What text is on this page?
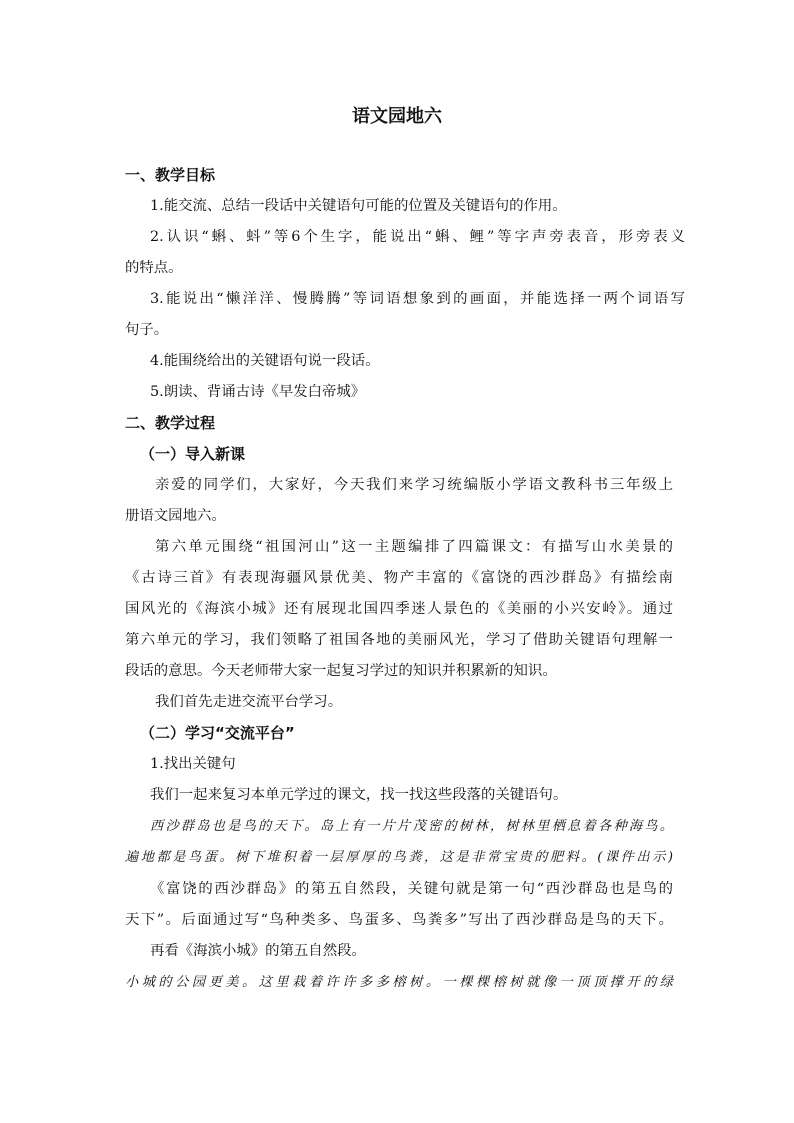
语文园地六
一、教学目标
1.能交流、总结一段话中关键语句可能的位置及关键语句的作用。
2.认识“蝌、蚪”等6个生字，能说出“蝌、鲤”等字声旁表音，形旁表义
的特点。
3.能说出“懒洋洋、慢腾腾”等词语想象到的画面，并能选择一两个词语写
句子。
4.能围绕给出的关键语句说一段话。
5.朗读、背诵古诗《早发白帝城》
二、教学过程
（一）导入新课
亲爱的同学们，大家好，今天我们来学习统编版小学语文教科书三年级上
册语文园地六。
第六单元围绕“祖国河山”这一主题编排了四篇课文：有描写山水美景的
《古诗三首》有表现海疆风景优美、物产丰富的《富饶的西沙群岛》有描绘南
国风光的《海滨小城》还有展现北国四季迷人景色的《美丽的小兴安岭》。通过
第六单元的学习，我们领略了祖国各地的美丽风光，学习了借助关键语句理解一
段话的意思。今天老师带大家一起复习学过的知识并积累新的知识。
我们首先走进交流平台学习。
（二）学习“交流平台”
1.找出关键句
我们一起来复习本单元学过的课文，找一找这些段落的关键语句。
西沙群岛也是鸟的天下。岛上有一片片茂密的树林，树林里栖息着各种海鸟。
遍地都是鸟蛋。树下堆积着一层厚厚的鸟粪，这是非常宝贵的肥料。(课件出示)
《富饶的西沙群岛》的第五自然段，关键句就是第一句“西沙群岛也是鸟的
天下”。后面通过写“鸟种类多、鸟蛋多、鸟粪多”写出了西沙群岛是鸟的天下。
再看《海滨小城》的第五自然段。
小城的公园更美。这里栽着许许多多榕树。一棵棵榕树就像一顶顶撑开的绿
